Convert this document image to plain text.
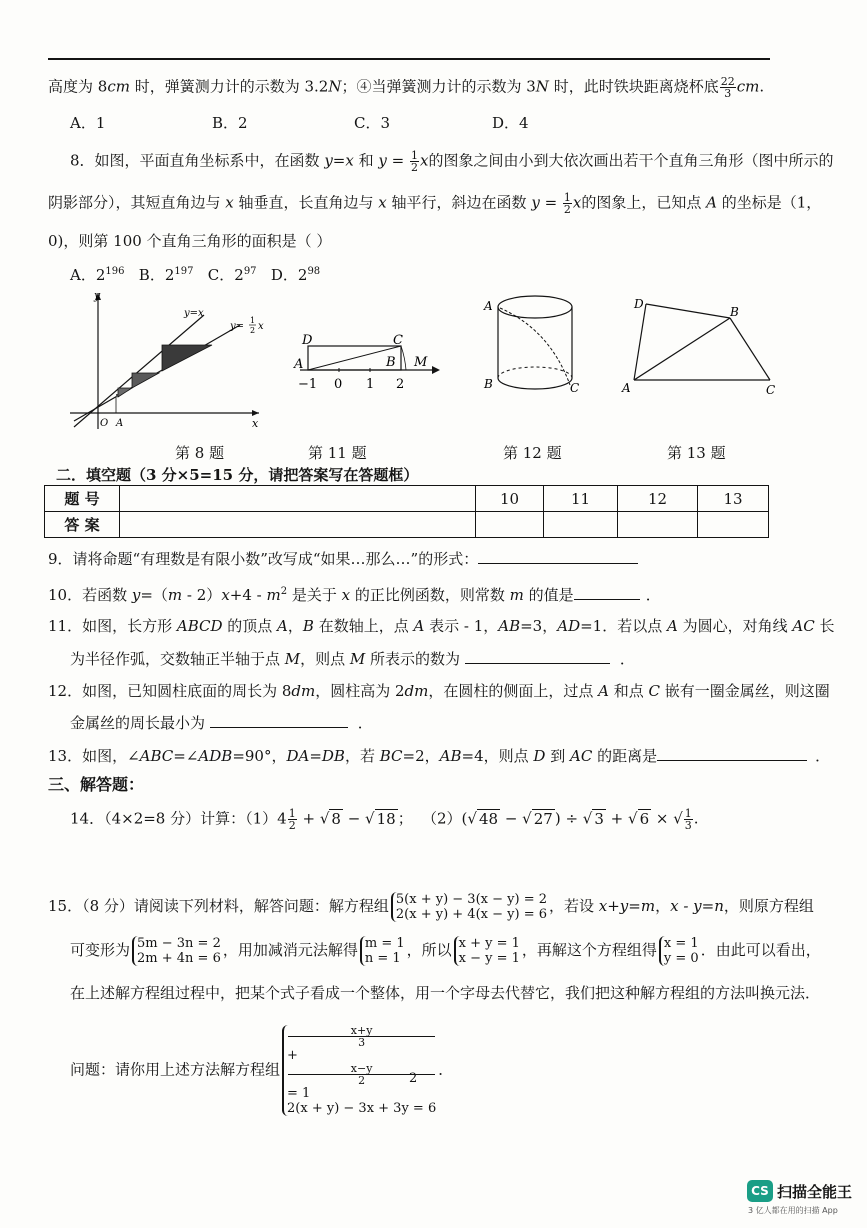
高度为 8cm 时，弹簧测力计的示数为 3.2N；④当弹簧测力计的示数为 3N 时，此时铁块距离烧杯底 $\frac{22}{3}$ cm.
A．1	B．2	C．3	D．4
8．如图，平面直角坐标系中，在函数 y=x 和 $y = \frac{1}{2}$ x的图象之间由小到大依次画出若干个直角三角形（图中所示的
阴影部分），其短直角边与 x 轴垂直，长直角边与 x 轴平行，斜边在函数 $y = \frac{1}{2}$ x的图象上，已知点 A 的坐标是（1，
0)，则第 100 个直角三角形的面积是（ ）
A．$2^{196}$ B．$2^{197}$ C．$2^{97}$ D．$2^{98}$
y
x
O A
y=x
y=
1
2 x
第 8 题
D	C
A	B M
−1 0 1 2
第 11 题
A
B	C
第 12 题
D
B
A	C
第 13 题
二．填空题（3 分×5=15 分，请把答案写在答题框）
题 号		10	11	12	13
答 案					
9．请将命题“有理数是有限小数”改写成“如果…那么…”的形式：
10．若函数 $y=(m - 2)x+4 - m^2$ 是关于 x 的正比例函数，则常数 m 的值是	．
11．如图，长方形 ABCD 的顶点 A，B 在数轴上，点 A 表示 - 1，AB=3，AD=1．若以点 A 为圆心，对角线 AC 长
为半径作弧，交数轴正半轴于点 M，则点 M 所表示的数为	．
12．如图，已知圆柱底面的周长为 8dm，圆柱高为 2dm，在圆柱的侧面上，过点 A 和点 C 嵌有一圈金属丝，则这圈
金属丝的周长最小为	．
13．如图，∠ABC=∠ADB=90°，DA=DB，若 BC=2，AB=4，则点 D 到 AC 的距离是	．
三、解答题：
14．（4×2=8 分）计算：$(1)4 \frac{1}{2}$ + √ 8 − √ 18 ； （2）(√ 48 − √ 27 ) ÷ √ 3 + √ 6 × √ $\frac{1}{3}$ .
15．（8 分）请阅读下列材料，解答问题：解方程组 5(x + y) − 3(x − y) = 2
2(x + y) + 4(x − y) = 6 ，若设 x+y=m，x - y=n，则原方程组
可变形为 5m − 3n = 2
2m + 4n = 6 ，用加减消元法解得 m = 1
n = 1 ，所以 x + y = 1
x − y = 1 ，再解这个方程组得 x = 1
y = 0 ．由此可以看出，
在上述解方程组过程中，把某个式子看成一个整体，用一个字母去代替它，我们把这种解方程组的方法叫换元法．
问题：请你用上述方法解方程组
x+y
3
+
x−y
2
= 1
2(x + y) − 3x + 3y = 6
．
2
CS 扫描全能王
3 亿人都在用的扫描 App
